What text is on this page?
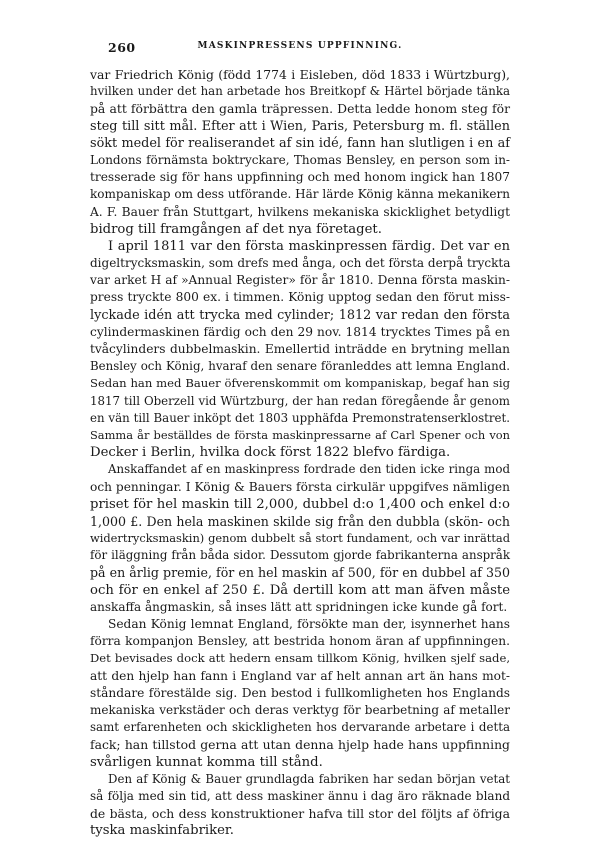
260	MASKINPRESSENS UPPFINNING.
var Friedrich König (född 1774 i Eisleben, död 1833 i Würtzburg),
hvilken under det han arbetade hos Breitkopf & Härtel började tänka
på att förbättra den gamla träpressen. Detta ledde honom steg för
steg till sitt mål. Efter att i Wien, Paris, Petersburg m. fl. ställen
sökt medel för realiserandet af sin idé, fann han slutligen i en af
Londons förnämsta boktryckare, Thomas Bensley, en person som in-
tresserade sig för hans uppfinning och med honom ingick han 1807
kompaniskap om dess utförande. Här lärde König känna mekanikern
A. F. Bauer från Stuttgart, hvilkens mekaniska skicklighet betydligt
bidrog till framgången af det nya företaget.
I april 1811 var den första maskinpressen färdig. Det var en
digeltrycksmaskin, som drefs med ånga, och det första derpå tryckta
var arket H af »Annual Register» för år 1810. Denna första maskin-
press tryckte 800 ex. i timmen. König upptog sedan den förut miss-
lyckade idén att trycka med cylinder; 1812 var redan den första
cylindermaskinen färdig och den 29 nov. 1814 trycktes Times på en
tvåcylinders dubbelmaskin. Emellertid inträdde en brytning mellan
Bensley och König, hvaraf den senare föranleddes att lemna England.
Sedan han med Bauer öfverenskommit om kompaniskap, begaf han sig
1817 till Oberzell vid Würtzburg, der han redan föregående år genom
en vän till Bauer inköpt det 1803 upphäfda Premonstratenserklostret.
Samma år beställdes de första maskinpressarne af Carl Spener och von
Decker i Berlin, hvilka dock först 1822 blefvo färdiga.
Anskaffandet af en maskinpress fordrade den tiden icke ringa mod
och penningar. I König & Bauers första cirkulär uppgifves nämligen
priset för hel maskin till 2,000, dubbel d:o 1,400 och enkel d:o
1,000 £. Den hela maskinen skilde sig från den dubbla (skön- och
widertrycksmaskin) genom dubbelt så stort fundament, och var inrättad
för iläggning från båda sidor. Dessutom gjorde fabrikanterna anspråk
på en årlig premie, för en hel maskin af 500, för en dubbel af 350
och för en enkel af 250 £. Då dertill kom att man äfven måste
anskaffa ångmaskin, så inses lätt att spridningen icke kunde gå fort.
Sedan König lemnat England, försökte man der, isynnerhet hans
förra kompanjon Bensley, att bestrida honom äran af uppfinningen.
Det bevisades dock att hedern ensam tillkom König, hvilken sjelf sade,
att den hjelp han fann i England var af helt annan art än hans mot-
ståndare förestälde sig. Den bestod i fullkomligheten hos Englands
mekaniska verkstäder och deras verktyg för bearbetning af metaller
samt erfarenheten och skickligheten hos dervarande arbetare i detta
fack; han tillstod gerna att utan denna hjelp hade hans uppfinning
svårligen kunnat komma till stånd.
Den af König & Bauer grundlagda fabriken har sedan början vetat
så följa med sin tid, att dess maskiner ännu i dag äro räknade bland
de bästa, och dess konstruktioner hafva till stor del följts af öfriga
tyska maskinfabriker.
